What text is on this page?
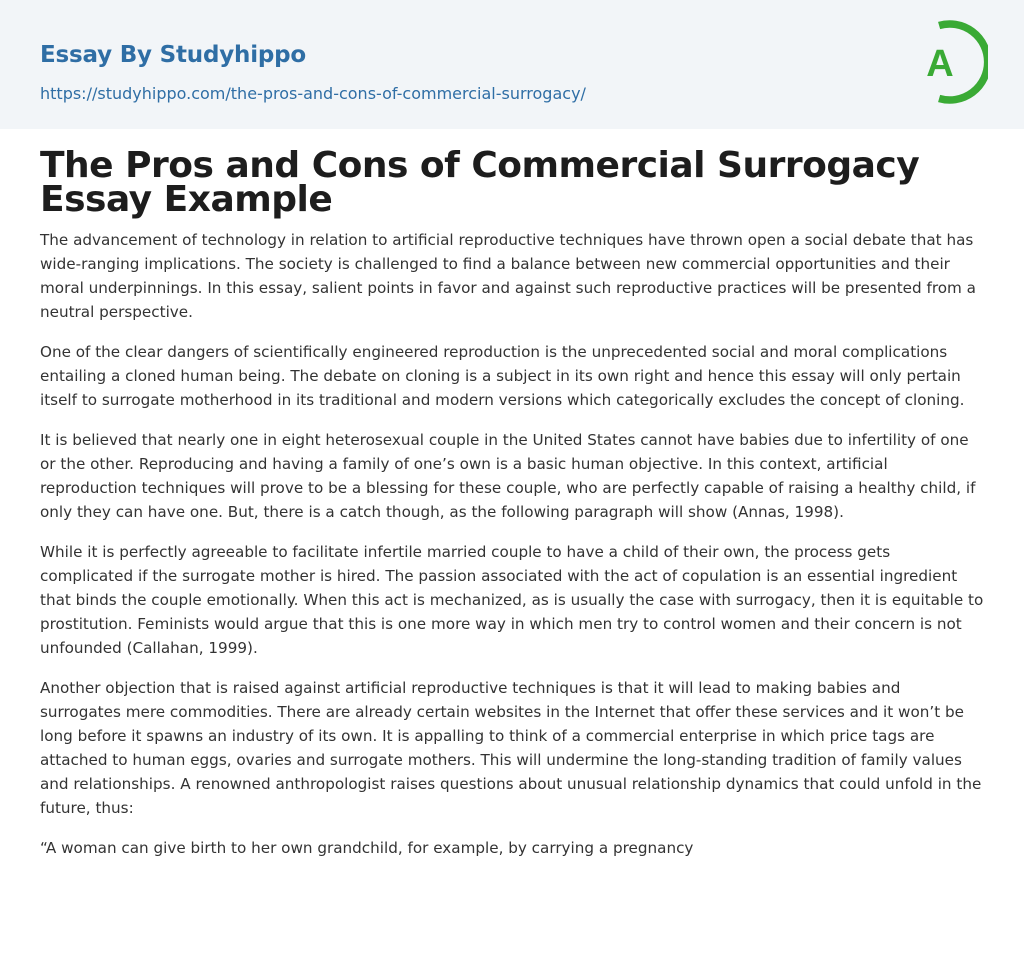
Essay By Studyhippo
https://studyhippo.com/the-pros-and-cons-of-commercial-surrogacy/
A
The Pros and Cons of Commercial Surrogacy Essay Example

The advancement of technology in relation to artificial reproductive techniques have thrown open a social debate that has wide-ranging implications. The society is challenged to find a balance between new commercial opportunities and their moral underpinnings. In this essay, salient points in favor and against such reproductive practices will be presented from a neutral perspective.

One of the clear dangers of scientifically engineered reproduction is the unprecedented social and moral complications entailing a cloned human being. The debate on cloning is a subject in its own right and hence this essay will only pertain itself to surrogate motherhood in its traditional and modern versions which categorically excludes the concept of cloning.

It is believed that nearly one in eight heterosexual couple in the United States cannot have babies due to infertility of one or the other. Reproducing and having a family of one’s own is a basic human objective. In this context, artificial reproduction techniques will prove to be a blessing for these couple, who are perfectly capable of raising a healthy child, if only they can have one. But, there is a catch though, as the following paragraph will show (Annas, 1998).

While it is perfectly agreeable to facilitate infertile married couple to have a child of their own, the process gets complicated if the surrogate mother is hired. The passion associated with the act of copulation is an essential ingredient that binds the couple emotionally. When this act is mechanized, as is usually the case with surrogacy, then it is equitable to prostitution. Feminists would argue that this is one more way in which men try to control women and their concern is not unfounded (Callahan, 1999).

Another objection that is raised against artificial reproductive techniques is that it will lead to making babies and surrogates mere commodities. There are already certain websites in the Internet that offer these services and it won’t be long before it spawns an industry of its own. It is appalling to think of a commercial enterprise in which price tags are attached to human eggs, ovaries and surrogate mothers. This will undermine the long-standing tradition of family values and relationships. A renowned anthropologist raises questions about unusual relationship dynamics that could unfold in the future, thus:

“A woman can give birth to her own grandchild, for example, by carrying a pregnancy
